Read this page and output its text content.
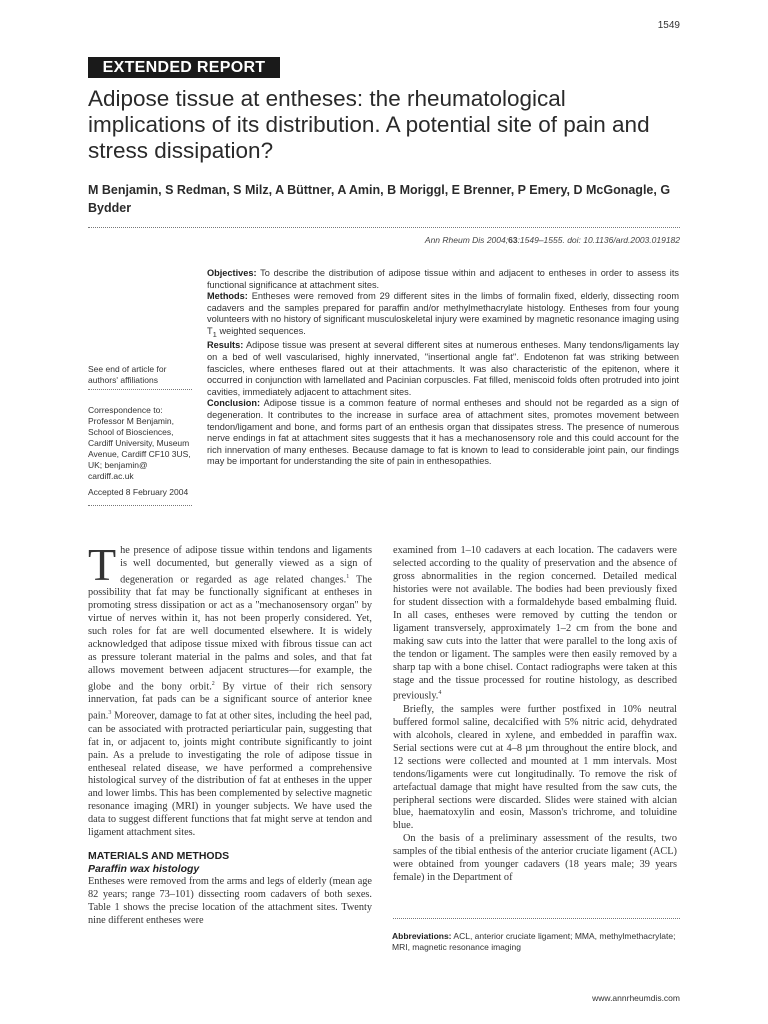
1549
EXTENDED REPORT
Adipose tissue at entheses: the rheumatological implications of its distribution. A potential site of pain and stress dissipation?
M Benjamin, S Redman, S Milz, A Büttner, A Amin, B Moriggl, E Brenner, P Emery, D McGonagle, G Bydder
Ann Rheum Dis 2004;63:1549–1555. doi: 10.1136/ard.2003.019182
See end of article for authors' affiliations
Correspondence to: Professor M Benjamin, School of Biosciences, Cardiff University, Museum Avenue, Cardiff CF10 3US, UK; benjamin@ cardiff.ac.uk
Accepted 8 February 2004

Objectives: To describe the distribution of adipose tissue within and adjacent to entheses in order to assess its functional significance at attachment sites.

Methods: Entheses were removed from 29 different sites in the limbs of formalin fixed, elderly, dissecting room cadavers and the samples prepared for paraffin and/or methylmethacrylate histology. Entheses from four young volunteers with no history of significant musculoskeletal injury were examined by magnetic resonance imaging using $T_1$ weighted sequences.

Results: Adipose tissue was present at several different sites at numerous entheses. Many tendons/ligaments lay on a bed of well vascularised, highly innervated, ''insertional angle fat''. Endotenon fat was striking between fascicles, where entheses flared out at their attachments. It was also characteristic of the epitenon, where it occurred in conjunction with lamellated and Pacinian corpuscles. Fat filled, meniscoid folds often protruded into joint cavities, immediately adjacent to attachment sites.

Conclusion: Adipose tissue is a common feature of normal entheses and should not be regarded as a sign of degeneration. It contributes to the increase in surface area of attachment sites, promotes movement between tendon/ligament and bone, and forms part of an enthesis organ that dissipates stress. The presence of numerous nerve endings in fat at attachment sites suggests that it has a mechanosensory role and this could account for the rich innervation of many entheses. Because damage to fat is known to lead to considerable joint pain, our findings may be important for understanding the site of pain in enthesopathies.

The presence of adipose tissue within tendons and ligaments is well documented, but generally viewed as a sign of degeneration or regarded as age related changes.$^1$ The possibility that fat may be functionally significant at entheses in promoting stress dissipation or act as a ''mechanosensory organ'' by virtue of nerves within it, has not been properly considered. Yet, such roles for fat are well documented elsewhere. It is widely acknowledged that adipose tissue mixed with fibrous tissue can act as pressure tolerant material in the palms and soles, and that fat allows movement between adjacent structures—for example, the globe and the bony orbit.$^2$ By virtue of their rich sensory innervation, fat pads can be a significant source of anterior knee pain.$^3$ Moreover, damage to fat at other sites, including the heel pad, can be associated with protracted periarticular pain, suggesting that fat in, or adjacent to, joints might contribute significantly to joint pain. As a prelude to investigating the role of adipose tissue in entheseal related disease, we have performed a comprehensive histological survey of the distribution of fat at entheses in the upper and lower limbs. This has been complemented by selective magnetic resonance imaging (MRI) in younger subjects. We have used the data to suggest different functions that fat might serve at tendon and ligament attachment sites.

MATERIALS AND METHODS
Paraffin wax histology

Entheses were removed from the arms and legs of elderly (mean age 82 years; range 73–101) dissecting room cadavers of both sexes. Table 1 shows the precise location of the attachment sites. Twenty nine different entheses were

examined from 1–10 cadavers at each location. The cadavers were selected according to the quality of preservation and the absence of gross abnormalities in the region concerned. Detailed medical histories were not available. The bodies had been previously fixed for student dissection with a formaldehyde based embalming fluid. In all cases, entheses were removed by cutting the tendon or ligament transversely, approximately 1–2 cm from the bone and making saw cuts into the latter that were parallel to the long axis of the tendon or ligament. The samples were then easily removed by a sharp tap with a bone chisel. Contact radiographs were taken at this stage and the tissue processed for routine histology, as described previously.$^4$

Briefly, the samples were further postfixed in 10% neutral buffered formol saline, decalcified with 5% nitric acid, dehydrated with alcohols, cleared in xylene, and embedded in paraffin wax. Serial sections were cut at 4–8 µm throughout the entire block, and 12 sections were collected and mounted at 1 mm intervals. Most tendons/ligaments were cut longitudinally. To remove the risk of artefactual damage that might have resulted from the saw cuts, the peripheral sections were discarded. Slides were stained with alcian blue, haematoxylin and eosin, Masson's trichrome, and toluidine blue.

On the basis of a preliminary assessment of the results, two samples of the tibial enthesis of the anterior cruciate ligament (ACL) were obtained from younger cadavers (18 years male; 39 years female) in the Department of

Abbreviations: ACL, anterior cruciate ligament; MMA, methylmethacrylate; MRI, magnetic resonance imaging
www.annrheumdis.com
